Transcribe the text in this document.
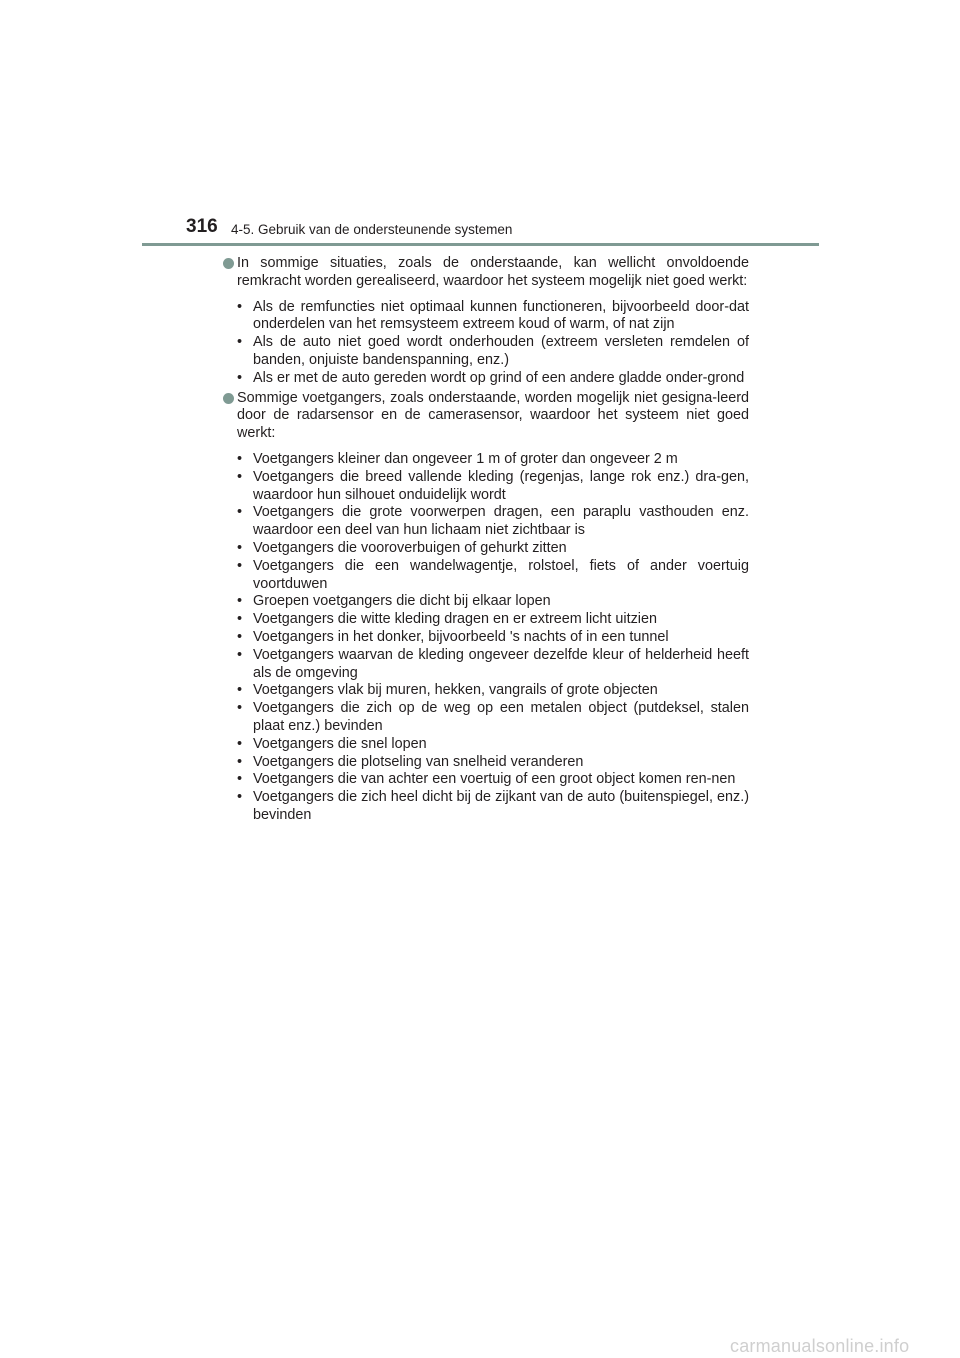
316 4-5. Gebruik van de ondersteunende systemen

In sommige situaties, zoals de onderstaande, kan wellicht onvoldoende remkracht worden gerealiseerd, waardoor het systeem mogelijk niet goed werkt:

• Als de remfuncties niet optimaal kunnen functioneren, bijvoorbeeld door-dat onderdelen van het remsysteem extreem koud of warm, of nat zijn
• Als de auto niet goed wordt onderhouden (extreem versleten remdelen of banden, onjuiste bandenspanning, enz.)
• Als er met de auto gereden wordt op grind of een andere gladde onder-grond

Sommige voetgangers, zoals onderstaande, worden mogelijk niet gesigna-leerd door de radarsensor en de camerasensor, waardoor het systeem niet goed werkt:

• Voetgangers kleiner dan ongeveer 1 m of groter dan ongeveer 2 m
• Voetgangers die breed vallende kleding (regenjas, lange rok enz.) dra-gen, waardoor hun silhouet onduidelijk wordt
• Voetgangers die grote voorwerpen dragen, een paraplu vasthouden enz. waardoor een deel van hun lichaam niet zichtbaar is
• Voetgangers die vooroverbuigen of gehurkt zitten
• Voetgangers die een wandelwagentje, rolstoel, fiets of ander voertuig voortduwen
• Groepen voetgangers die dicht bij elkaar lopen
• Voetgangers die witte kleding dragen en er extreem licht uitzien
• Voetgangers in het donker, bijvoorbeeld 's nachts of in een tunnel
• Voetgangers waarvan de kleding ongeveer dezelfde kleur of helderheid heeft als de omgeving
• Voetgangers vlak bij muren, hekken, vangrails of grote objecten
• Voetgangers die zich op de weg op een metalen object (putdeksel, stalen plaat enz.) bevinden
• Voetgangers die snel lopen
• Voetgangers die plotseling van snelheid veranderen
• Voetgangers die van achter een voertuig of een groot object komen ren-nen
• Voetgangers die zich heel dicht bij de zijkant van de auto (buitenspiegel, enz.) bevinden
carmanualsonline.info
